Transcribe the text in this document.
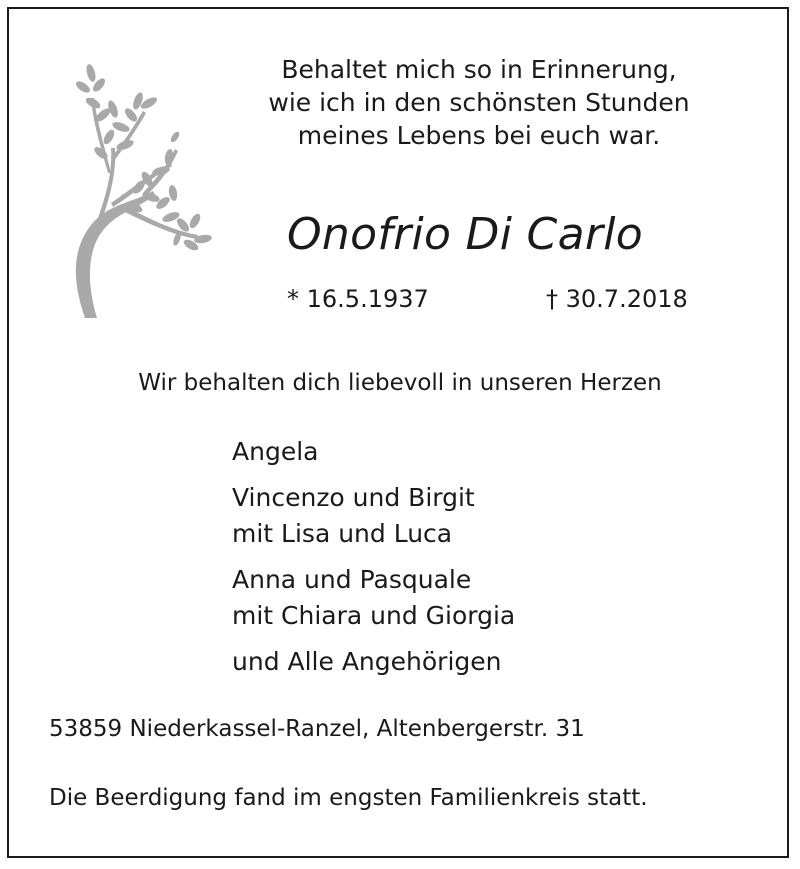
Behaltet mich so in Erinnerung,
wie ich in den schönsten Stunden
meines Lebens bei euch war.
Onofrio Di Carlo
* 16.5.1937	† 30.7.2018
Wir behalten dich liebevoll in unseren Herzen
Angela
Vincenzo und Birgit
mit Lisa und Luca
Anna und Pasquale
mit Chiara und Giorgia
und Alle Angehörigen
53859 Niederkassel-Ranzel, Altenbergerstr. 31
Die Beerdigung fand im engsten Familienkreis statt.
